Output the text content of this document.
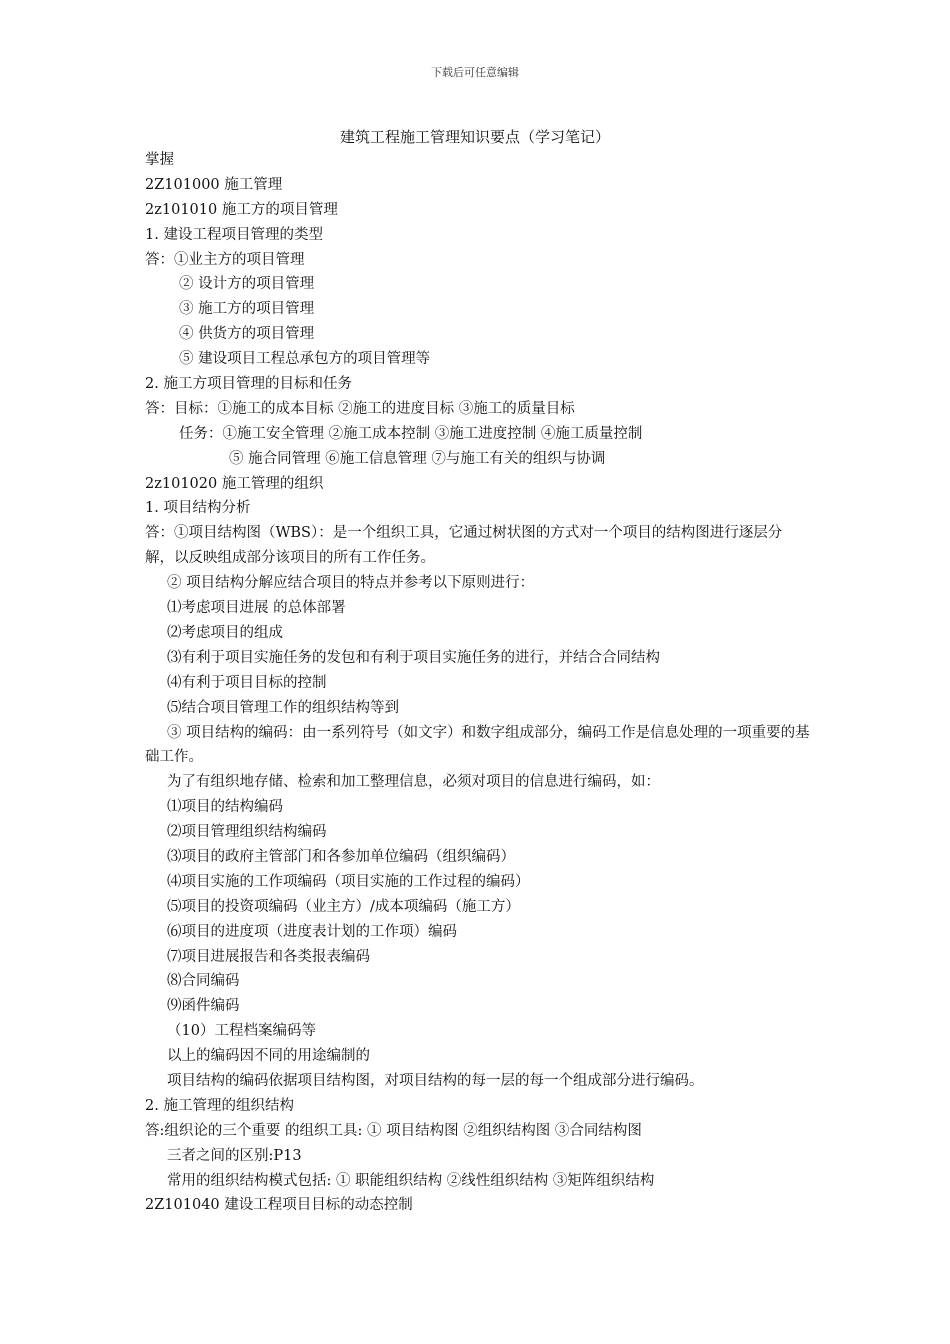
下载后可任意编辑
建筑工程施工管理知识要点（学习笔记）
掌握
2Z101000 施工管理
2z101010 施工方的项目管理
1. 建设工程项目管理的类型
答：①业主方的项目管理
② 设计方的项目管理
③ 施工方的项目管理
④ 供货方的项目管理
⑤ 建设项目工程总承包方的项目管理等
2. 施工方项目管理的目标和任务
答：目标：①施工的成本目标 ②施工的进度目标 ③施工的质量目标
任务：①施工安全管理 ②施工成本控制 ③施工进度控制 ④施工质量控制
⑤ 施合同管理 ⑥施工信息管理 ⑦与施工有关的组织与协调
2z101020 施工管理的组织
1. 项目结构分析
答：①项目结构图（WBS）：是一个组织工具，它通过树状图的方式对一个项目的结构图进行逐层分解，以反映组成部分该项目的所有工作任务。
② 项目结构分解应结合项目的特点并参考以下原则进行：
⑴考虑项目进展 的总体部署
⑵考虑项目的组成
⑶有利于项目实施任务的发包和有利于项目实施任务的进行，并结合合同结构
⑷有利于项目目标的控制
⑸结合项目管理工作的组织结构等到
③ 项目结构的编码：由一系列符号（如文字）和数字组成部分，编码工作是信息处理的一项重要的基础工作。
为了有组织地存储、检索和加工整理信息，必须对项目的信息进行编码，如：
⑴项目的结构编码
⑵项目管理组织结构编码
⑶项目的政府主管部门和各参加单位编码（组织编码）
⑷项目实施的工作项编码（项目实施的工作过程的编码）
⑸项目的投资项编码（业主方）/成本项编码（施工方）
⑹项目的进度项（进度表计划的工作项）编码
⑺项目进展报告和各类报表编码
⑻合同编码
⑼函件编码
（10）工程档案编码等
以上的编码因不同的用途编制的
项目结构的编码依据项目结构图，对项目结构的每一层的每一个组成部分进行编码。
2. 施工管理的组织结构
答:组织论的三个重要 的组织工具: ① 项目结构图 ②组织结构图 ③合同结构图
三者之间的区别:P13
常用的组织结构模式包括: ① 职能组织结构 ②线性组织结构 ③矩阵组织结构
2Z101040 建设工程项目目标的动态控制
